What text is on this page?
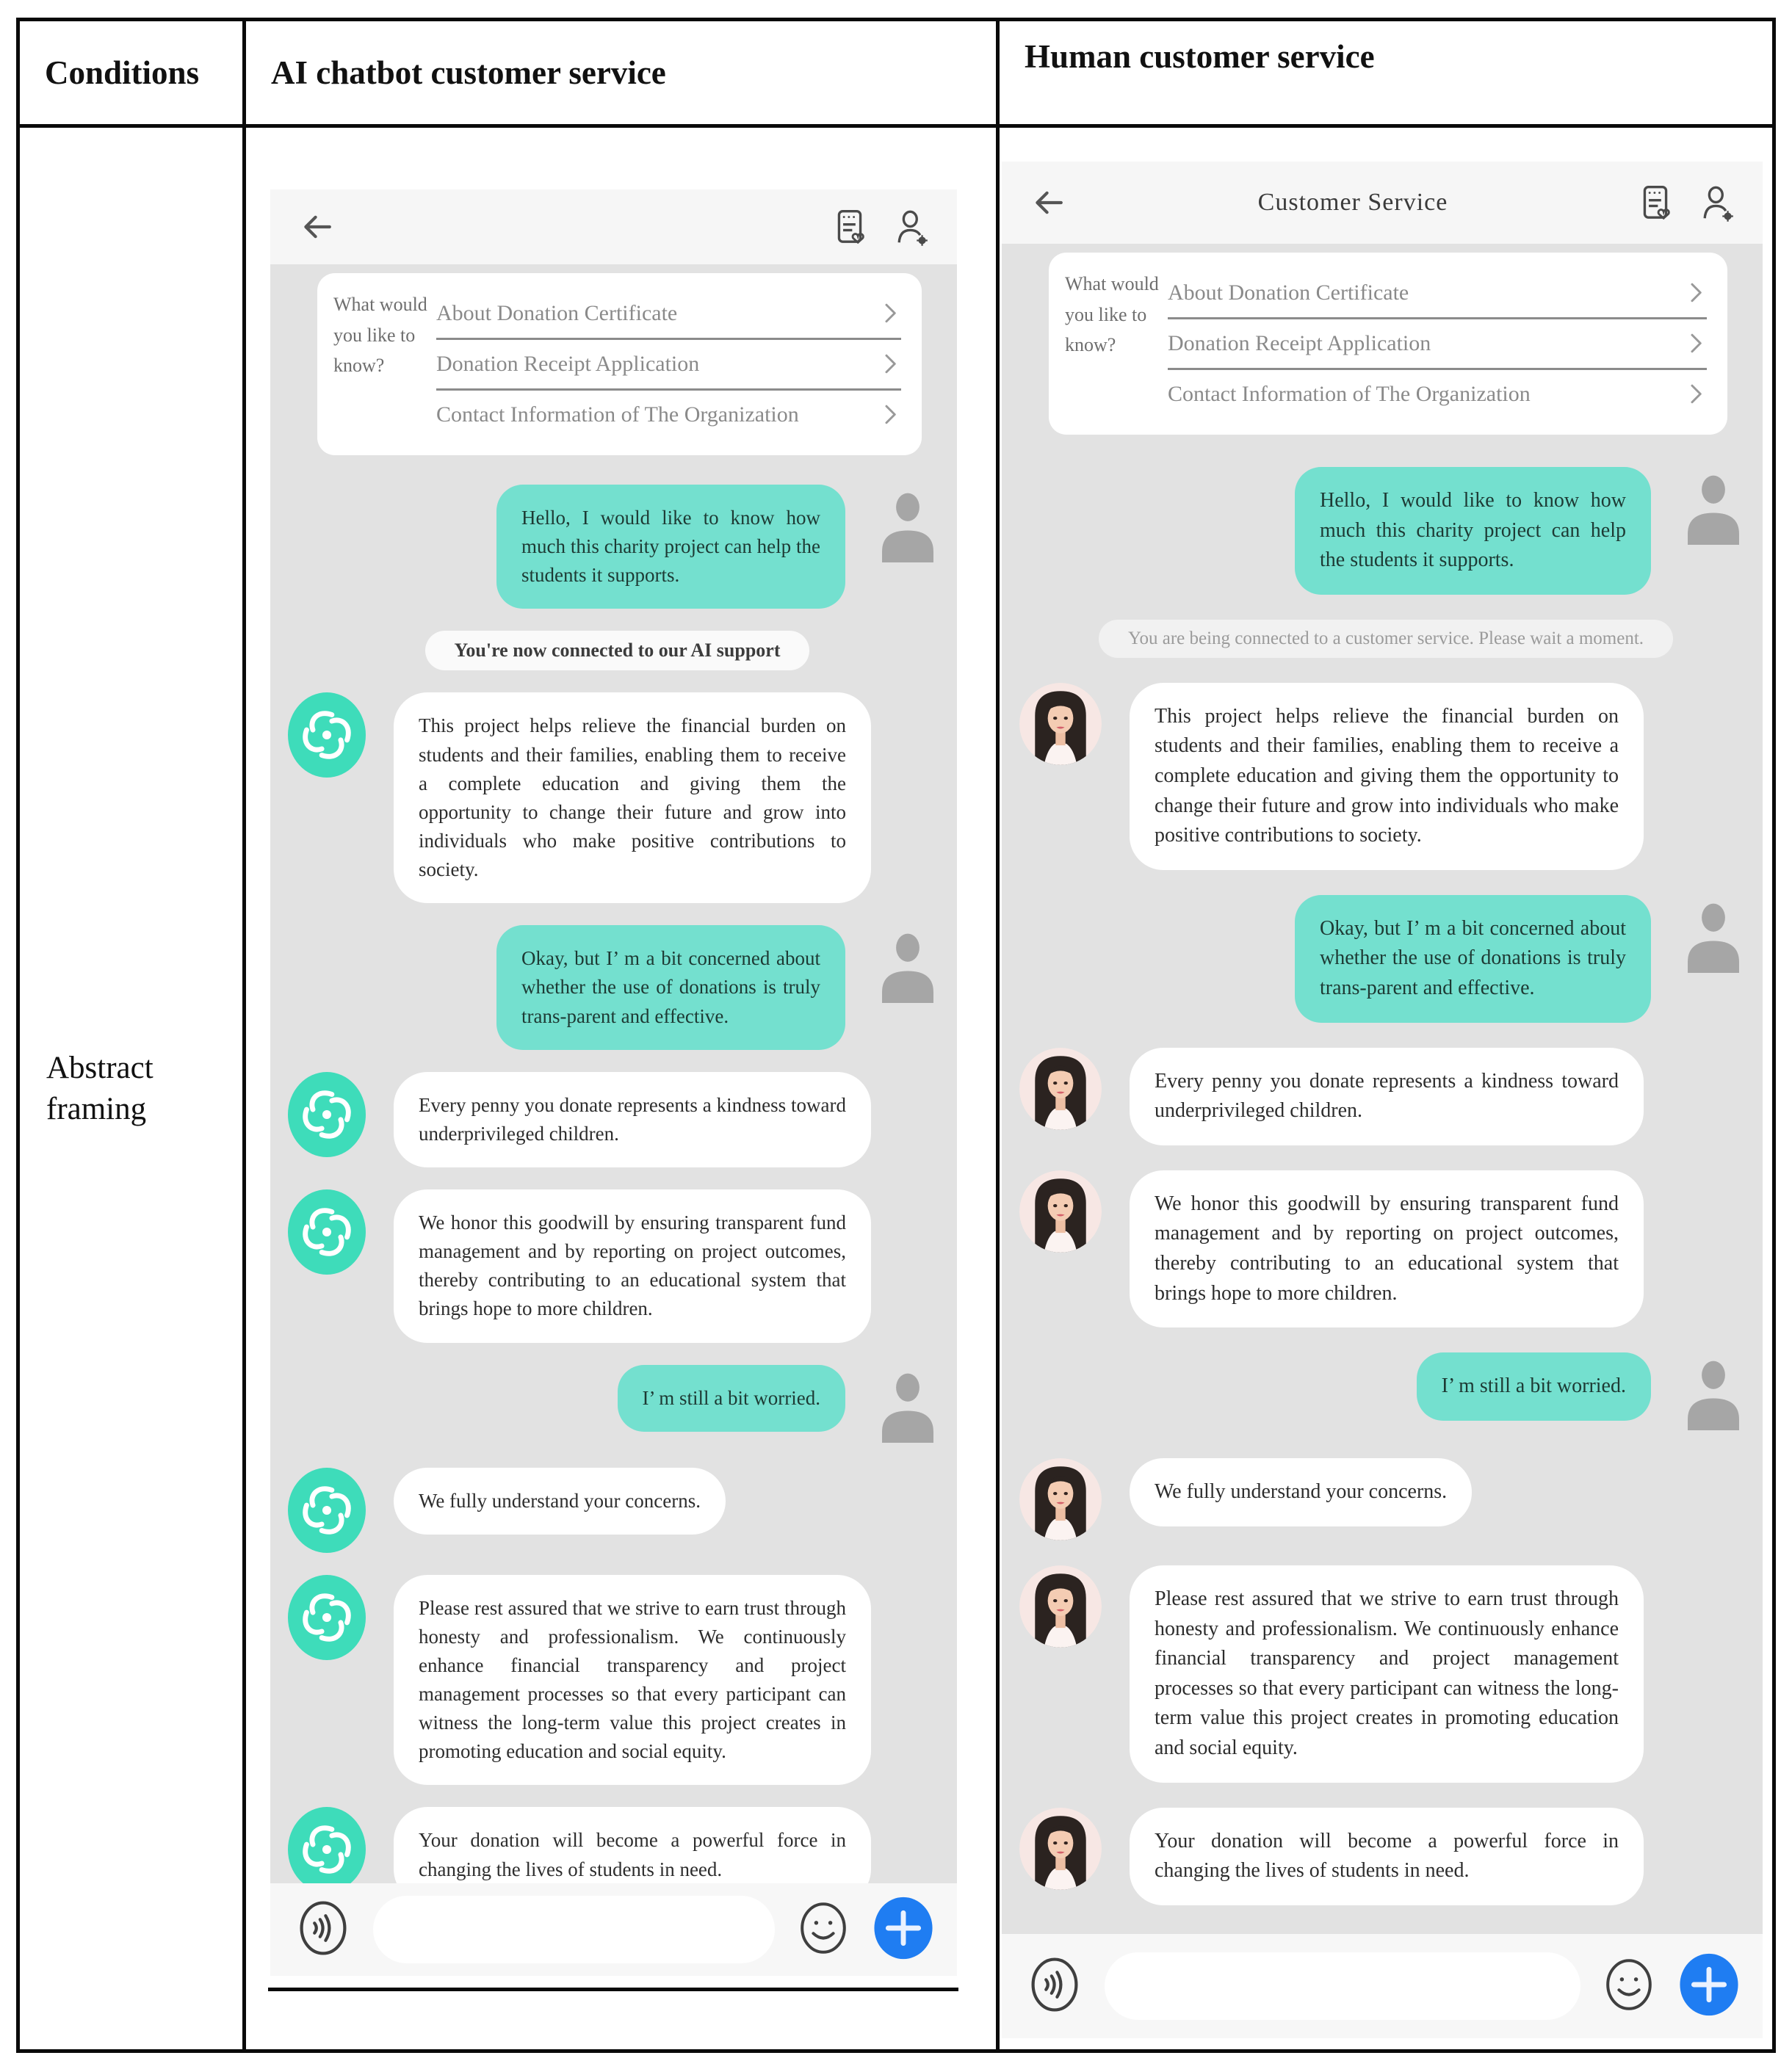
Conditions AI chatbot customer service	Human customer service
Abstract framing
What would you like to know?
About Donation Certificate
Donation Receipt Application
Contact Information of The Organization
Hello, I would like to know how much this charity project can help the students it supports.
You're now connected to our AI support
This project helps relieve the financial burden on students and their families, enabling them to receive a complete education and giving them the opportunity to change their future and grow into individuals who make positive contributions to society.
Okay, but I’ m a bit concerned about whether the use of donations is truly trans-parent and effective.
Every penny you donate represents a kindness toward underprivileged children.
We honor this goodwill by ensuring transparent fund management and by reporting on project outcomes, thereby contributing to an educational system that brings hope to more children.
I’ m still a bit worried.
We fully understand your concerns.
Please rest assured that we strive to earn trust through honesty and professionalism. We continuously enhance financial transparency and project management processes so that every participant can witness the long-term value this project creates in promoting education and social equity.
Your donation will become a powerful force in changing the lives of students in need.
Customer Service
What would you like to know?
About Donation Certificate
Donation Receipt Application
Contact Information of The Organization
Hello, I would like to know how much this charity project can help the students it supports.
You are being connected to a customer service. Please wait a moment.
This project helps relieve the financial burden on students and their families, enabling them to receive a complete education and giving them the opportunity to change their future and grow into individuals who make positive contributions to society.
Okay, but I’ m a bit concerned about whether the use of donations is truly trans-parent and effective.
Every penny you donate represents a kindness toward underprivileged children.
We honor this goodwill by ensuring transparent fund management and by reporting on project outcomes, thereby contributing to an educational system that brings hope to more children.
I’ m still a bit worried.
We fully understand your concerns.
Please rest assured that we strive to earn trust through honesty and professionalism. We continuously enhance financial transparency and project management processes so that every participant can witness the long-term value this project creates in promoting education and social equity.
Your donation will become a powerful force in changing the lives of students in need.
